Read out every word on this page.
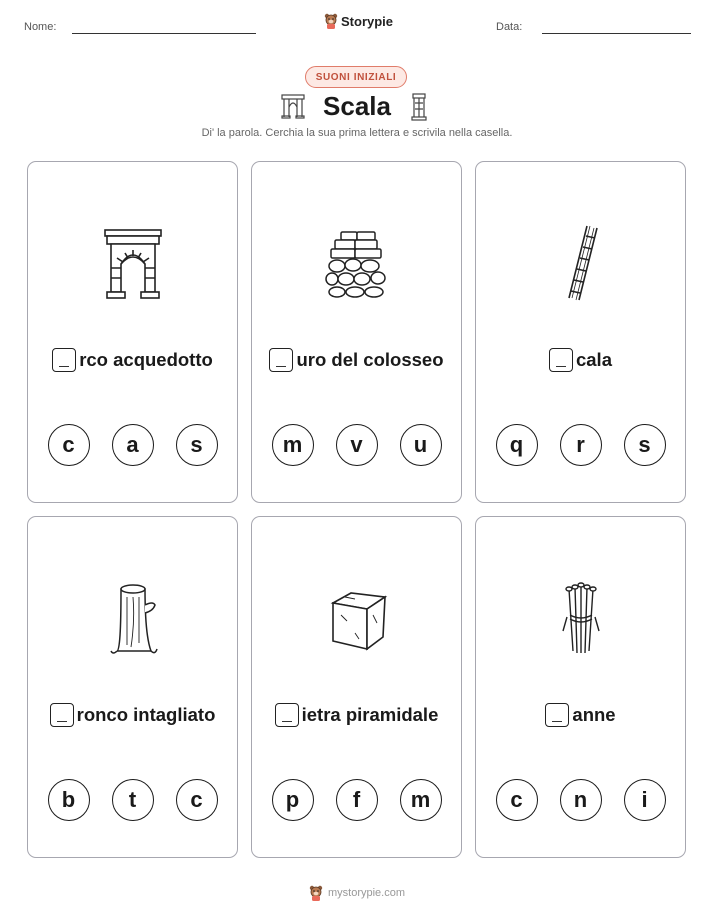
Nome:	Storypie	Data:
SUONI INIZIALI
Scala
Di' la parola. Cerchia la sua prima lettera e scrivila nella casella.
rco acquedotto
c	a	s
uro del colosseo
m	v	u
cala
q	r	s
ronco intagliato
b	t	c
ietra piramidale
p	f	m
anne
c	n	i
mystorypie.com
